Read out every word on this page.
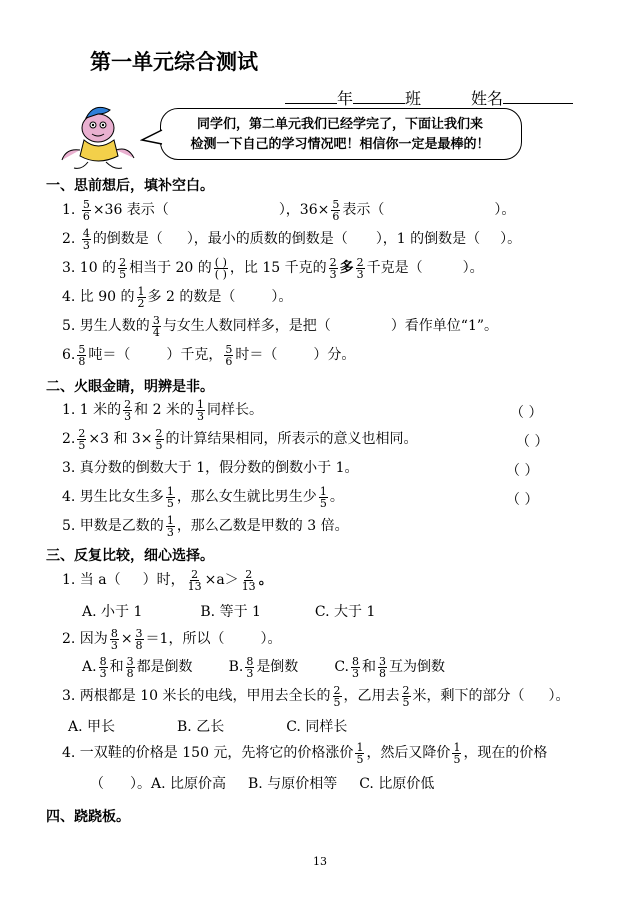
第一单元综合测试
年	班	姓名
同学们，第二单元我们已经学完了，下面让我们来
检测一下自己的学习情况吧！相信你一定是最棒的！
一、思前想后，填补空白。
1. $\frac{5}{6} \times 36$ 表示（	），$36\times \frac{5}{6}$ 表示（	）。
2. $\frac{4}{3}$ 的倒数是（ ），最小的质数的倒数是（ ），1 的倒数是（ ）。
3. 10 的 $\frac{2}{5}$ 相当于 20 的 ( )
( ) ，比 15 千克的 $\frac{2}{3}$ 多 $\frac{2}{3}$ 千克是（	）。
4. 比 90 的 $\frac{1}{2}$ 多 2 的数是（	）。
5. 男生人数的 $\frac{3}{4}$ 与女生人数同样多，是把（	）看作单位“1”。
6. $\frac{5}{8}$ 吨＝（	）千克， $\frac{5}{6}$ 时＝（	）分。
二、火眼金睛，明辨是非。
1. 1 米的 $\frac{2}{3}$ 和 2 米的 $\frac{1}{3}$ 同样长。	（ ）
2. $\frac{2}{5} \times 3$ 和 $3\times \frac{2}{5}$ 的计算结果相同，所表示的意义也相同。	（ ）
3. 真分数的倒数大于 1，假分数的倒数小于 1。	（ ）
4. 男生比女生多 $\frac{1}{5}$ ，那么女生就比男生少 $\frac{1}{5}$ 。	（ ）
5. 甲数是乙数的 $\frac{1}{3}$ ，那么乙数是甲数的 3 倍。
三、反复比较，细心选择。
1. 当 a（ ）时， $\frac{2}{13} \times a> \frac{2}{13}$ 。
A. 小于 1	B. 等于 1	C. 大于 1
2. 因为 $\frac{8}{3} \times \frac{3}{8} =1$，所以（	）。
A. $\frac{8}{3}$ 和 $\frac{3}{8}$ 都是倒数	B. $\frac{8}{3}$ 是倒数	C. $\frac{8}{3}$ 和 $\frac{3}{8}$ 互为倒数
3. 两根都是 10 米长的电线，甲用去全长的 $\frac{2}{5}$ ，乙用去 $\frac{2}{5}$ 米，剩下的部分（ ）。
A. 甲长	B. 乙长	C. 同样长
4. 一双鞋的价格是 150 元，先将它的价格涨价 $\frac{1}{5}$ ，然后又降价 $\frac{1}{5}$ ，现在的价格
（ ）。A. 比原价高 B. 与原价相等 C. 比原价低
四、跷跷板。
13
